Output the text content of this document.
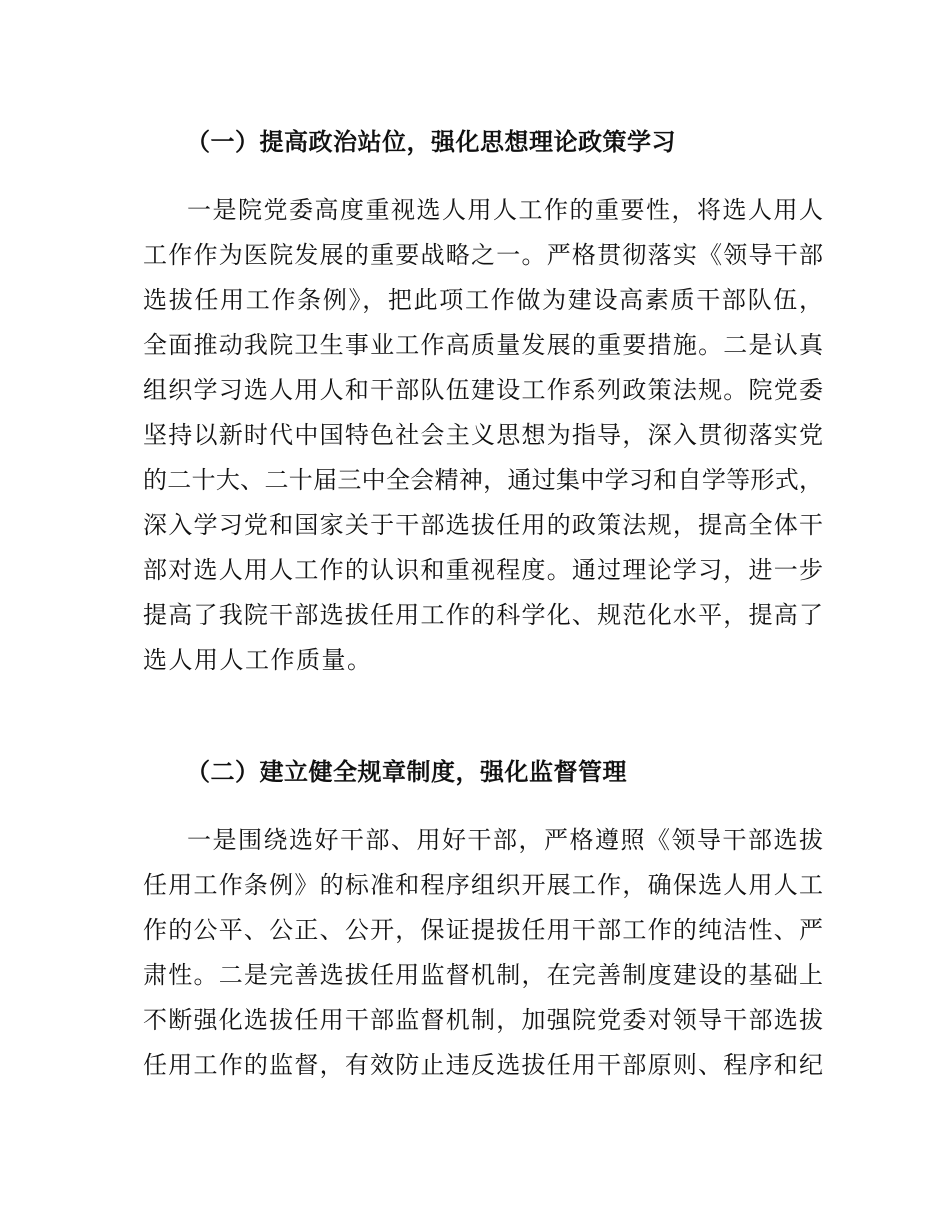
（一）提高政治站位，强化思想理论政策学习
一是院党委高度重视选人用人工作的重要性，将选人用人
工作作为医院发展的重要战略之一。严格贯彻落实《领导干部
选拔任用工作条例》，把此项工作做为建设高素质干部队伍，
全面推动我院卫生事业工作高质量发展的重要措施。二是认真
组织学习选人用人和干部队伍建设工作系列政策法规。院党委
坚持以新时代中国特色社会主义思想为指导，深入贯彻落实党
的二十大、二十届三中全会精神，通过集中学习和自学等形式，
深入学习党和国家关于干部选拔任用的政策法规，提高全体干
部对选人用人工作的认识和重视程度。通过理论学习，进一步
提高了我院干部选拔任用工作的科学化、规范化水平，提高了
选人用人工作质量。
（二）建立健全规章制度，强化监督管理
一是围绕选好干部、用好干部，严格遵照《领导干部选拔
任用工作条例》的标准和程序组织开展工作，确保选人用人工
作的公平、公正、公开，保证提拔任用干部工作的纯洁性、严
肃性。二是完善选拔任用监督机制，在完善制度建设的基础上
不断强化选拔任用干部监督机制，加强院党委对领导干部选拔
任用工作的监督，有效防止违反选拔任用干部原则、程序和纪
